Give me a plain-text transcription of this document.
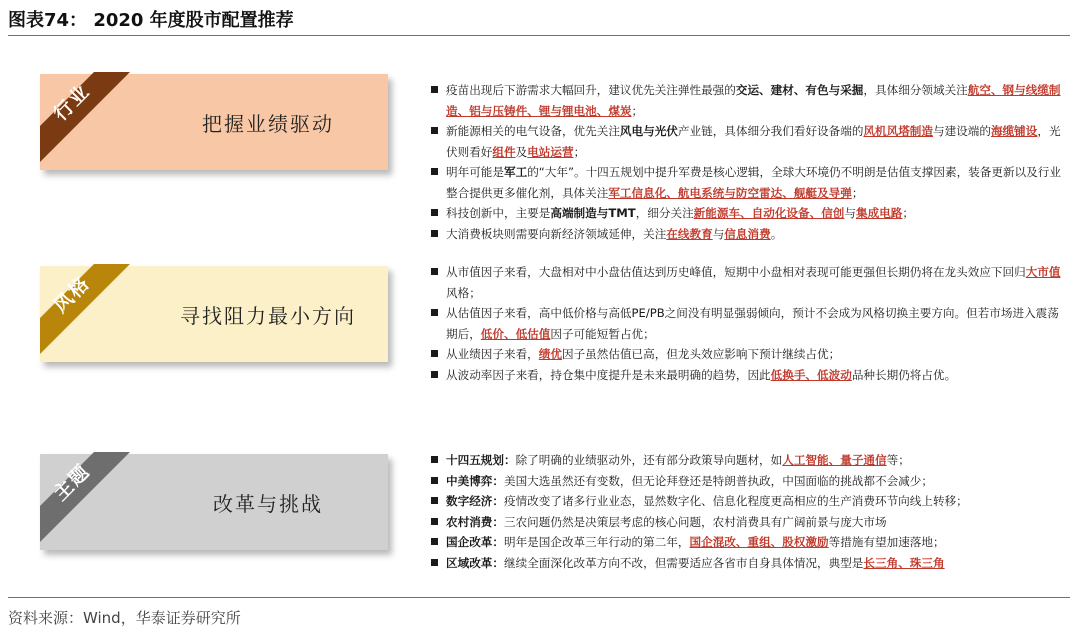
图表74： 2020 年度股市配置推荐
行业	把握业绩驱动
疫苗出现后下游需求大幅回升，建议优先关注弹性最强的交运、建材、有色与采掘，具体细分领域关注航空、钢与线缆制造、铝与压铸件、锂与锂电池、煤炭；
新能源相关的电气设备，优先关注风电与光伏产业链，具体细分我们看好设备端的风机风塔制造与建设端的海缆铺设，光伏则看好组件及电站运营；
明年可能是军工的“大年”。十四五规划中提升军费是核心逻辑，全球大环境仍不明朗是估值支撑因素，装备更新以及行业整合提供更多催化剂，具体关注军工信息化、航电系统与防空雷达、舰艇及导弹；
科技创新中，主要是高端制造与TMT，细分关注新能源车、自动化设备、信创与集成电路；
大消费板块则需要向新经济领域延伸，关注在线教育与信息消费。
风格	寻找阻力最小方向
从市值因子来看，大盘相对中小盘估值达到历史峰值，短期中小盘相对表现可能更强但长期仍将在龙头效应下回归大市值风格；
从估值因子来看，高中低价格与高低PE/PB之间没有明显强弱倾向，预计不会成为风格切换主要方向。但若市场进入震荡期后，低价、低估值因子可能短暂占优；
从业绩因子来看，绩优因子虽然估值已高，但龙头效应影响下预计继续占优；
从波动率因子来看，持仓集中度提升是未来最明确的趋势，因此低换手、低波动品种长期仍将占优。
主题	改革与挑战
十四五规划：除了明确的业绩驱动外，还有部分政策导向题材，如人工智能、量子通信等；
中美博弈：美国大选虽然还有变数，但无论拜登还是特朗普执政，中国面临的挑战都不会减少；
数字经济：疫情改变了诸多行业业态，显然数字化、信息化程度更高相应的生产消费环节向线上转移；
农村消费：三农问题仍然是决策层考虑的核心问题，农村消费具有广阔前景与庞大市场
国企改革：明年是国企改革三年行动的第二年，国企混改、重组、股权激励等措施有望加速落地；
区域改革：继续全面深化改革方向不改，但需要适应各省市自身具体情况，典型是长三角、珠三角
资料来源：Wind，华泰证券研究所
